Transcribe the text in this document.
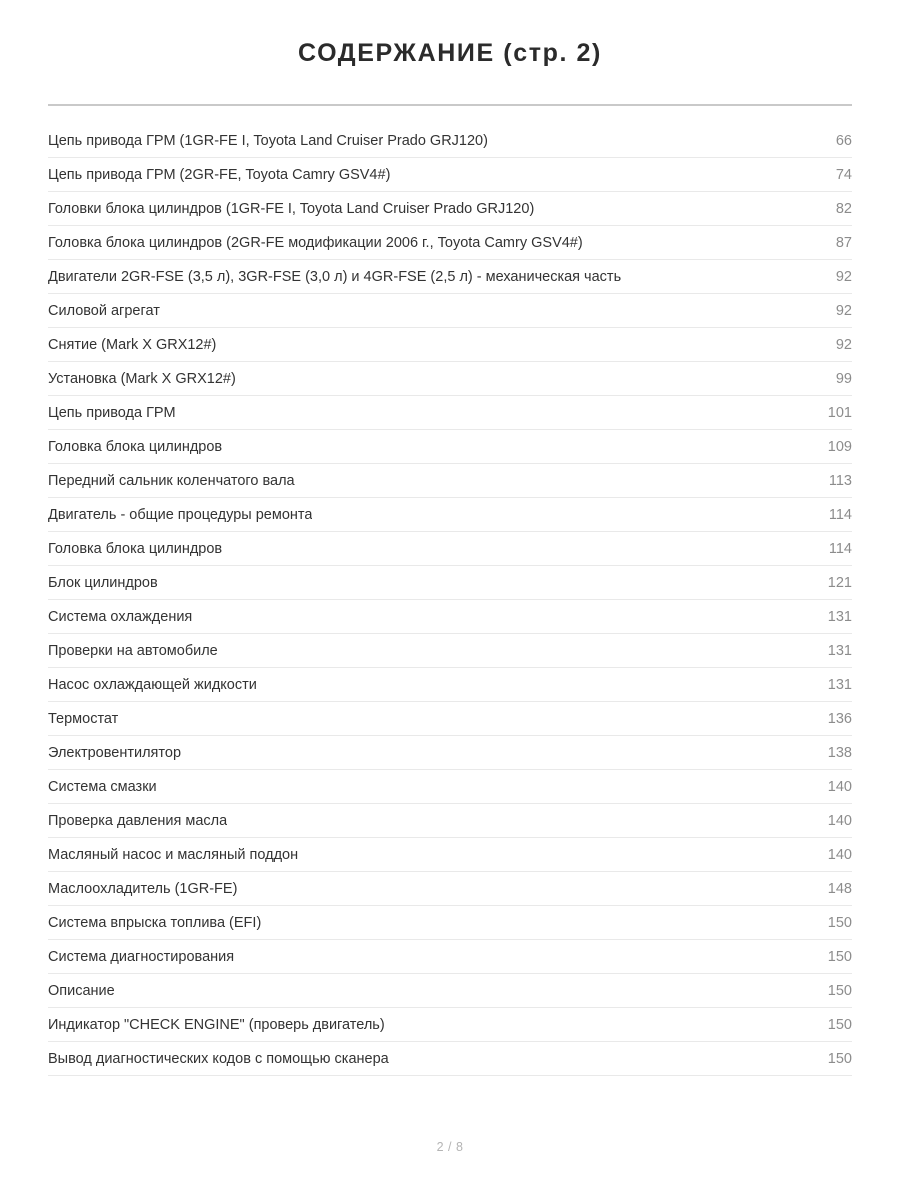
СОДЕРЖАНИЕ (стр. 2)
Цепь привода ГРМ (1GR-FE I, Toyota Land Cruiser Prado GRJ120)	66
Цепь привода ГРМ (2GR-FE, Toyota Camry GSV4#)	74
Головки блока цилиндров (1GR-FE I, Toyota Land Cruiser Prado GRJ120)	82
Головка блока цилиндров (2GR-FE модификации 2006 г., Toyota Camry GSV4#)	87
Двигатели 2GR-FSE (3,5 л), 3GR-FSE (3,0 л) и 4GR-FSE (2,5 л) - механическая часть	92
Силовой агрегат	92
Снятие (Mark X GRX12#)	92
Установка (Mark X GRX12#)	99
Цепь привода ГРМ	101
Головка блока цилиндров	109
Передний сальник коленчатого вала	113
Двигатель - общие процедуры ремонта	114
Головка блока цилиндров	114
Блок цилиндров	121
Система охлаждения	131
Проверки на автомобиле	131
Насос охлаждающей жидкости	131
Термостат	136
Электровентилятор	138
Система смазки	140
Проверка давления масла	140
Масляный насос и масляный поддон	140
Маслоохладитель (1GR-FE)	148
Система впрыска топлива (EFI)	150
Система диагностирования	150
Описание	150
Индикатор "CHECK ENGINE" (проверь двигатель)	150
Вывод диагностических кодов с помощью сканера	150
2 / 8
